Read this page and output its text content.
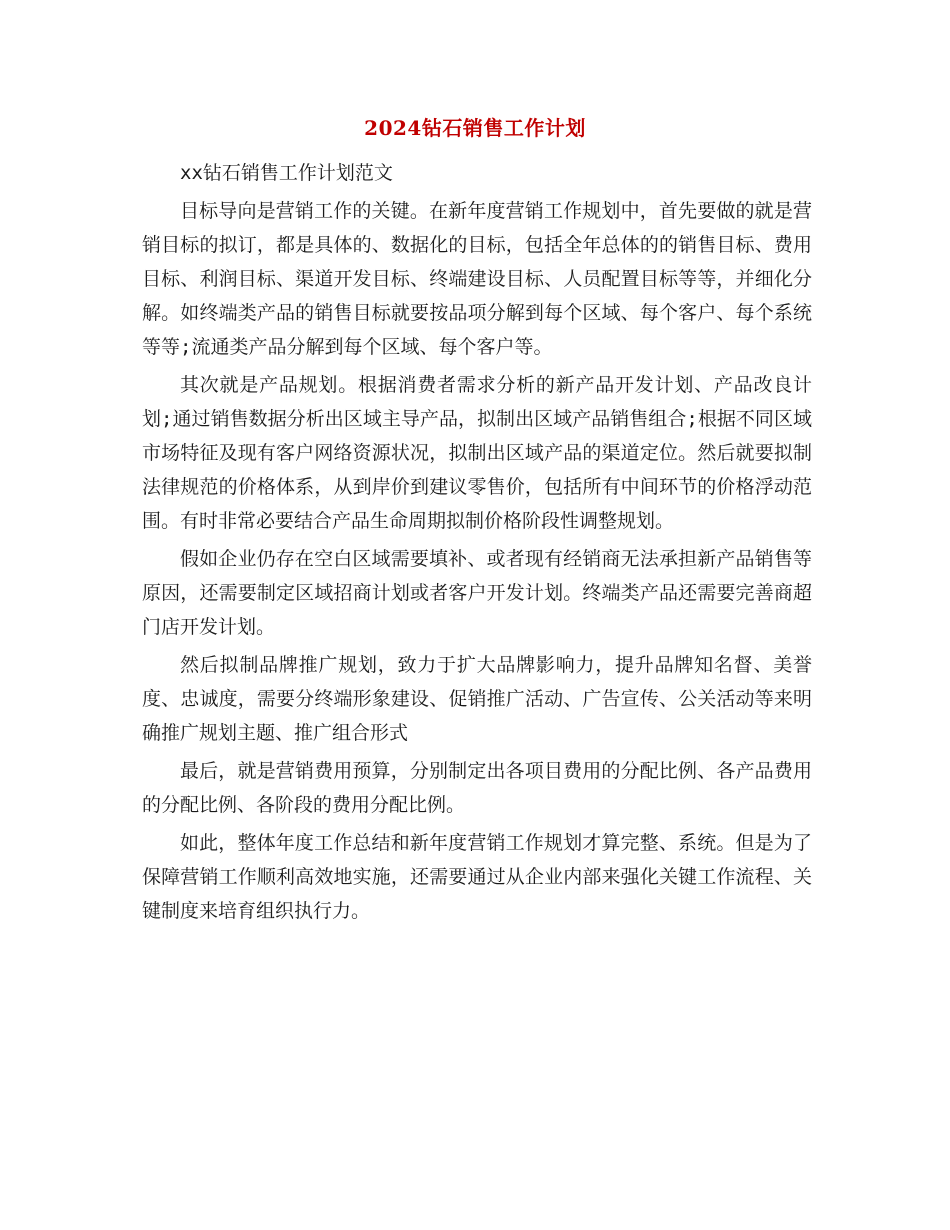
2024钻石销售工作计划

xx钻石销售工作计划范文

目标导向是营销工作的关键。在新年度营销工作规划中，首先要做的就是营销目标的拟订，都是具体的、数据化的目标，包括全年总体的的销售目标、费用目标、利润目标、渠道开发目标、终端建设目标、人员配置目标等等，并细化分解。如终端类产品的销售目标就要按品项分解到每个区域、每个客户、每个系统等等;流通类产品分解到每个区域、每个客户等。

其次就是产品规划。根据消费者需求分析的新产品开发计划、产品改良计划;通过销售数据分析出区域主导产品，拟制出区域产品销售组合;根据不同区域市场特征及现有客户网络资源状况，拟制出区域产品的渠道定位。然后就要拟制法律规范的价格体系，从到岸价到建议零售价，包括所有中间环节的价格浮动范围。有时非常必要结合产品生命周期拟制价格阶段性调整规划。

假如企业仍存在空白区域需要填补、或者现有经销商无法承担新产品销售等原因，还需要制定区域招商计划或者客户开发计划。终端类产品还需要完善商超门店开发计划。

然后拟制品牌推广规划，致力于扩大品牌影响力，提升品牌知名督、美誉度、忠诚度，需要分终端形象建设、促销推广活动、广告宣传、公关活动等来明确推广规划主题、推广组合形式

最后，就是营销费用预算，分别制定出各项目费用的分配比例、各产品费用的分配比例、各阶段的费用分配比例。

如此，整体年度工作总结和新年度营销工作规划才算完整、系统。但是为了保障营销工作顺利高效地实施，还需要通过从企业内部来强化关键工作流程、关键制度来培育组织执行力。
